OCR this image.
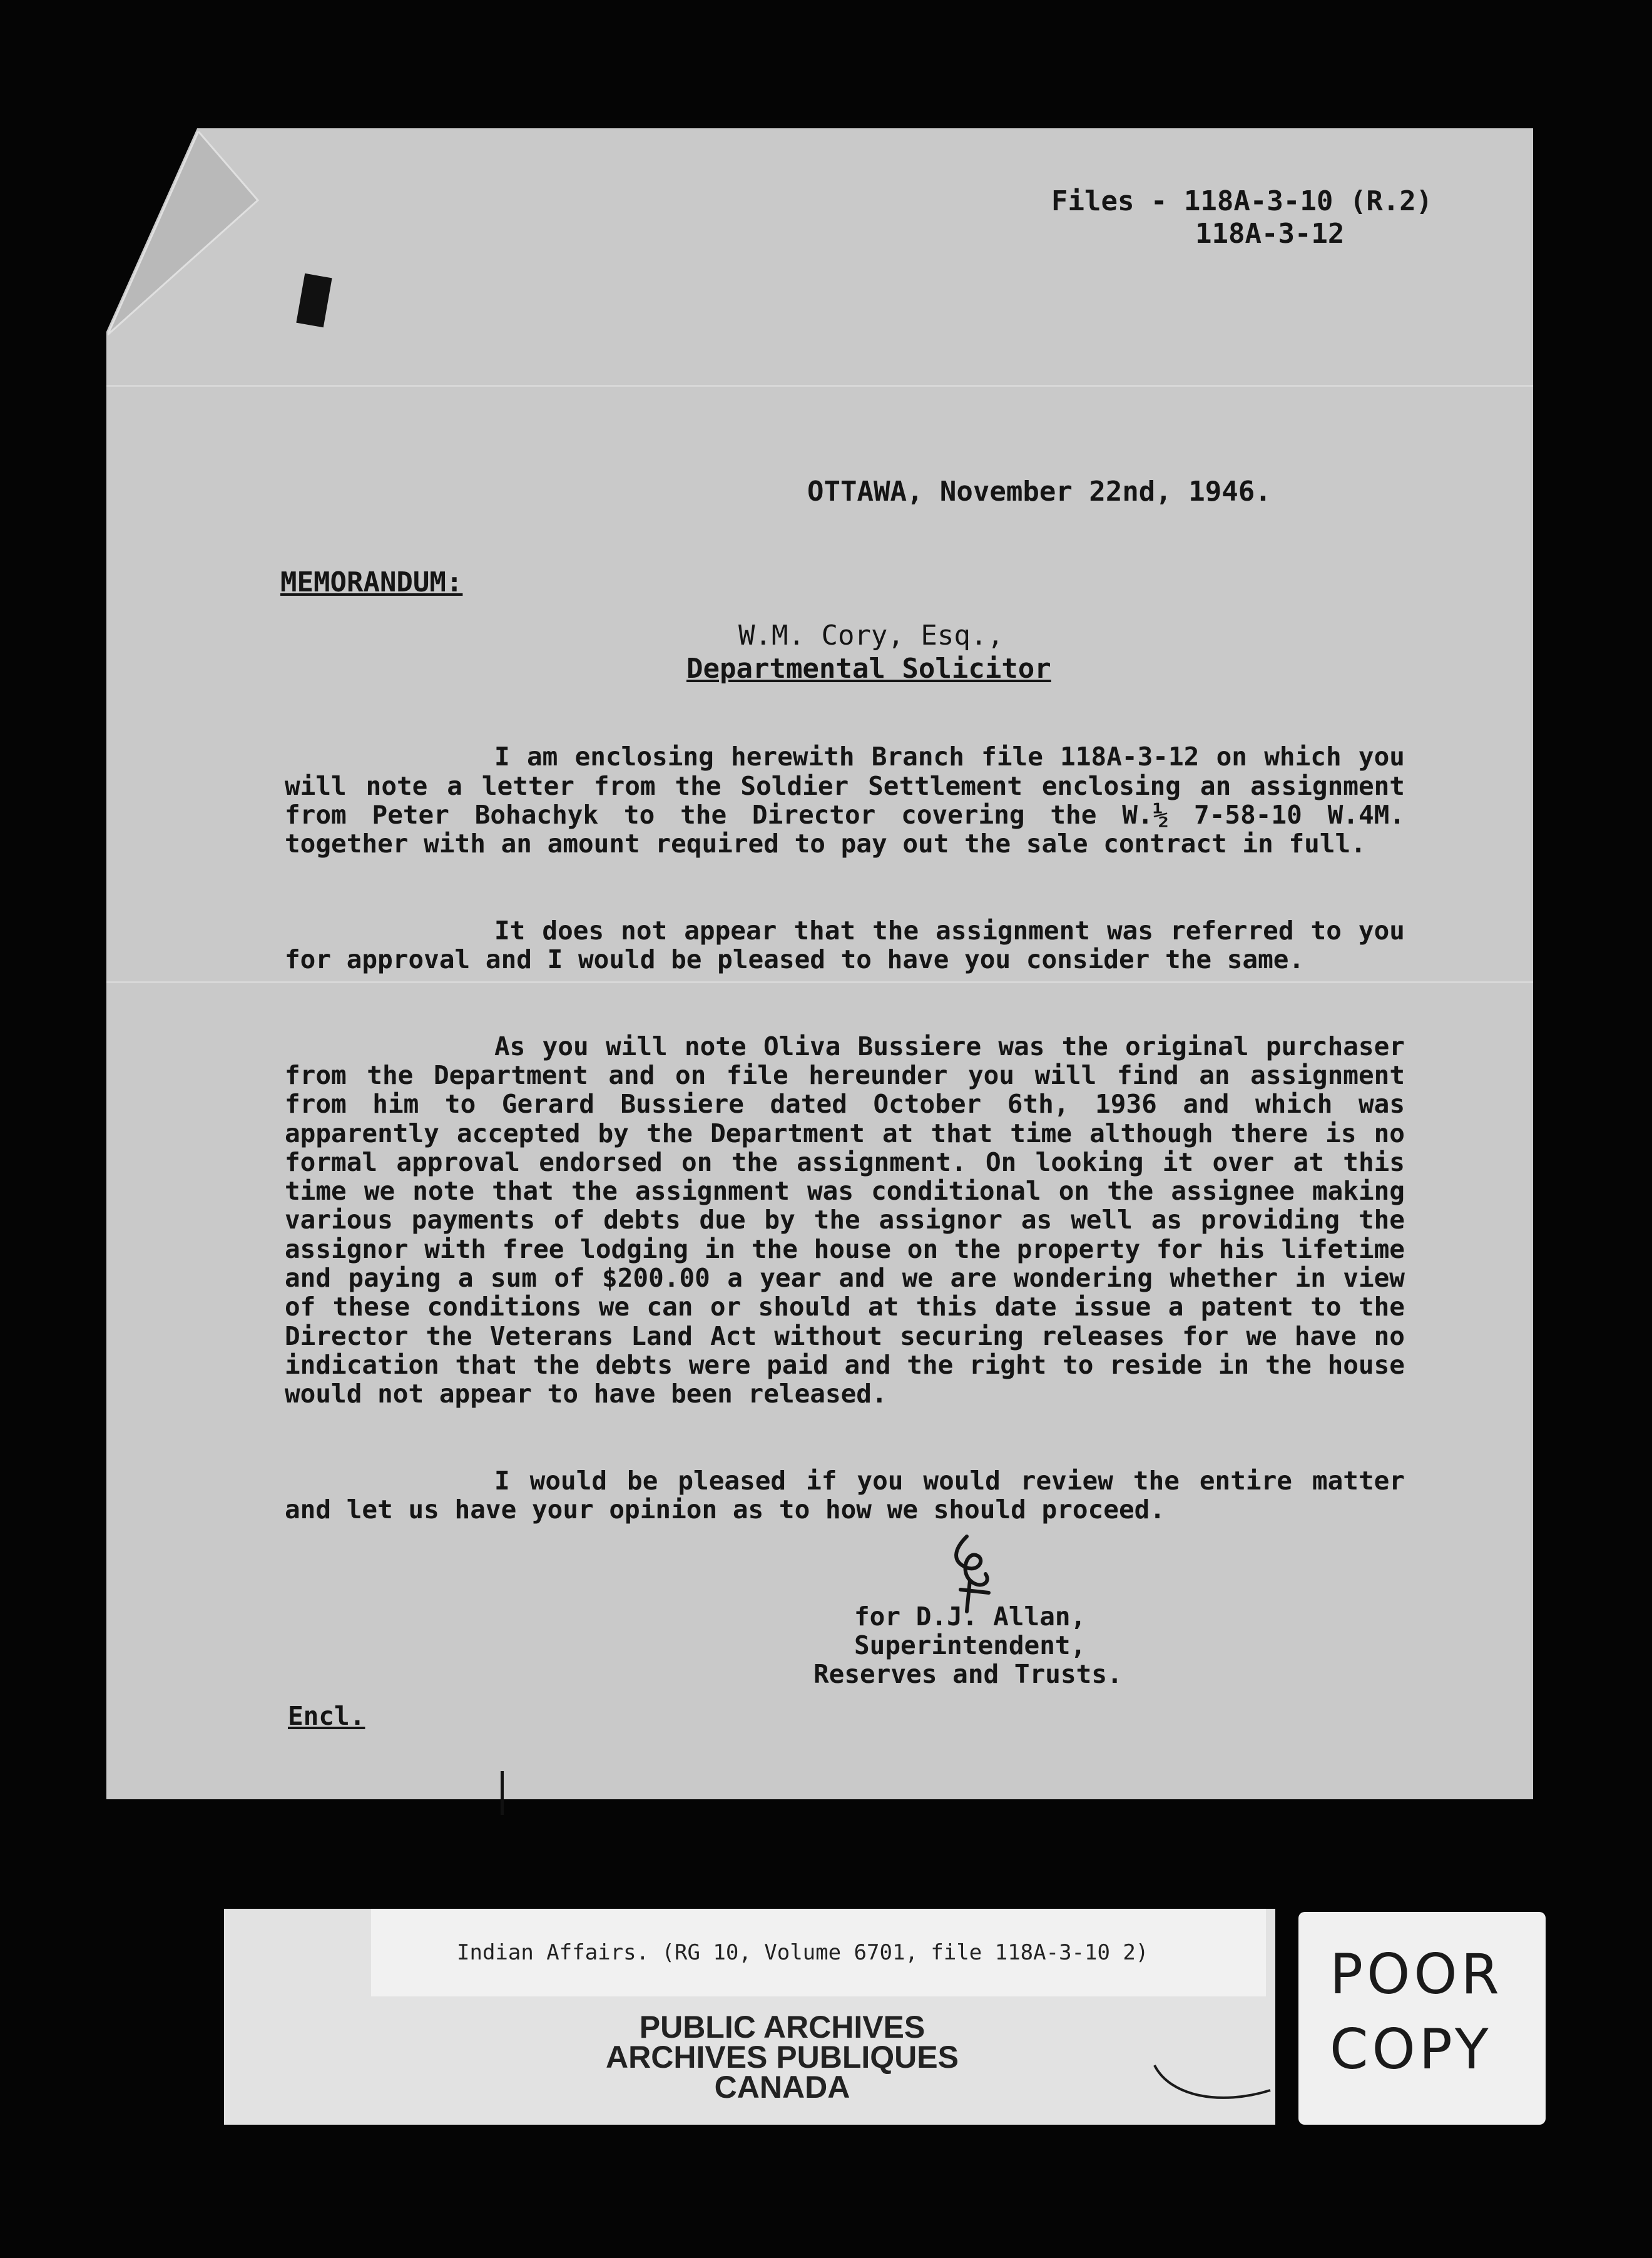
Files - 118A-3-10 (R.2)
118A-3-12
OTTAWA, November 22nd, 1946.
MEMORANDUM:
W.M. Cory, Esq.,
Departmental Solicitor

I am enclosing herewith Branch file 118A-3-12 on which you will note a letter from the Soldier Settlement enclosing an assignment from Peter Bohachyk to the Director covering the W.½ 7-58-10 W.4M. together with an amount required to pay out the sale contract in full.

It does not appear that the assignment was referred to you for approval and I would be pleased to have you consider the same.

As you will note Oliva Bussiere was the original purchaser from the Department and on file hereunder you will find an assignment from him to Gerard Bussiere dated October 6th, 1936 and which was apparently accepted by the Department at that time although there is no formal approval endorsed on the assignment. On looking it over at this time we note that the assignment was conditional on the assignee making various payments of debts due by the assignor as well as providing the assignor with free lodging in the house on the property for his lifetime and paying a sum of $200.00 a year and we are wondering whether in view of these conditions we can or should at this date issue a patent to the Director the Veterans Land Act without securing releases for we have no indication that the debts were paid and the right to reside in the house would not appear to have been released.

I would be pleased if you would review the entire matter and let us have your opinion as to how we should proceed.

for D.J. Allan,
Superintendent,
Reserves and Trusts.
Encl.
Indian Affairs. (RG 10, Volume 6701, file 118A-3-10 2)
PUBLIC ARCHIVES
ARCHIVES PUBLIQUES
CANADA
POOR
COPY
